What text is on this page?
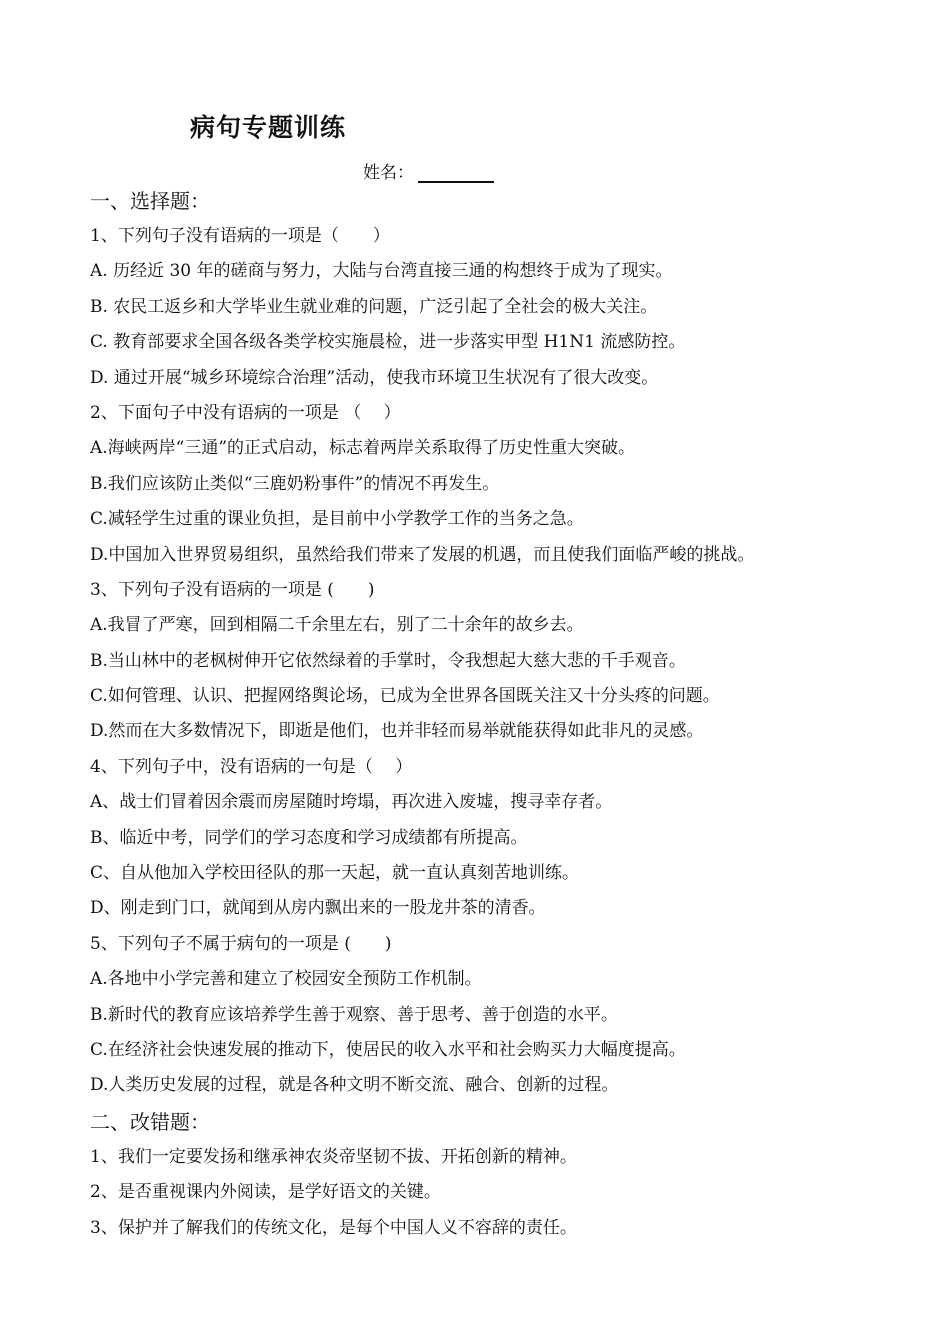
病句专题训练
姓名：
一、选择题：
1、下列句子没有语病的一项是（　　）
A. 历经近 30 年的磋商与努力，大陆与台湾直接三通的构想终于成为了现实。
B. 农民工返乡和大学毕业生就业难的问题，广泛引起了全社会的极大关注。
C. 教育部要求全国各级各类学校实施晨检，进一步落实甲型 H1N1 流感防控。
D. 通过开展“城乡环境综合治理”活动，使我市环境卫生状况有了很大改变。
2、下面句子中没有语病的一项是 （　 ）
A.海峡两岸“三通”的正式启动，标志着两岸关系取得了历史性重大突破。
B.我们应该防止类似“三鹿奶粉事件”的情况不再发生。
C.减轻学生过重的课业负担，是目前中小学教学工作的当务之急。
D.中国加入世界贸易组织，虽然给我们带来了发展的机遇，而且使我们面临严峻的挑战。
3、下列句子没有语病的一项是 (　　)
A.我冒了严寒，回到相隔二千余里左右，别了二十余年的故乡去。
B.当山林中的老枫树伸开它依然绿着的手掌时，令我想起大慈大悲的千手观音。
C.如何管理、认识、把握网络舆论场，已成为全世界各国既关注又十分头疼的问题。
D.然而在大多数情况下，即逝是他们，也并非轻而易举就能获得如此非凡的灵感。
4、下列句子中，没有语病的一句是（　 ）
A、战士们冒着因余震而房屋随时垮塌，再次进入废墟，搜寻幸存者。
B、临近中考，同学们的学习态度和学习成绩都有所提高。
C、自从他加入学校田径队的那一天起，就一直认真刻苦地训练。
D、刚走到门口，就闻到从房内飘出来的一股龙井茶的清香。
5、下列句子不属于病句的一项是 (　　)
A.各地中小学完善和建立了校园安全预防工作机制。
B.新时代的教育应该培养学生善于观察、善于思考、善于创造的水平。
C.在经济社会快速发展的推动下，使居民的收入水平和社会购买力大幅度提高。
D.人类历史发展的过程，就是各种文明不断交流、融合、创新的过程。
二、改错题：
1、我们一定要发扬和继承神农炎帝坚韧不拔、开拓创新的精神。
2、是否重视课内外阅读，是学好语文的关键。
3、保护并了解我们的传统文化，是每个中国人义不容辞的责任。
